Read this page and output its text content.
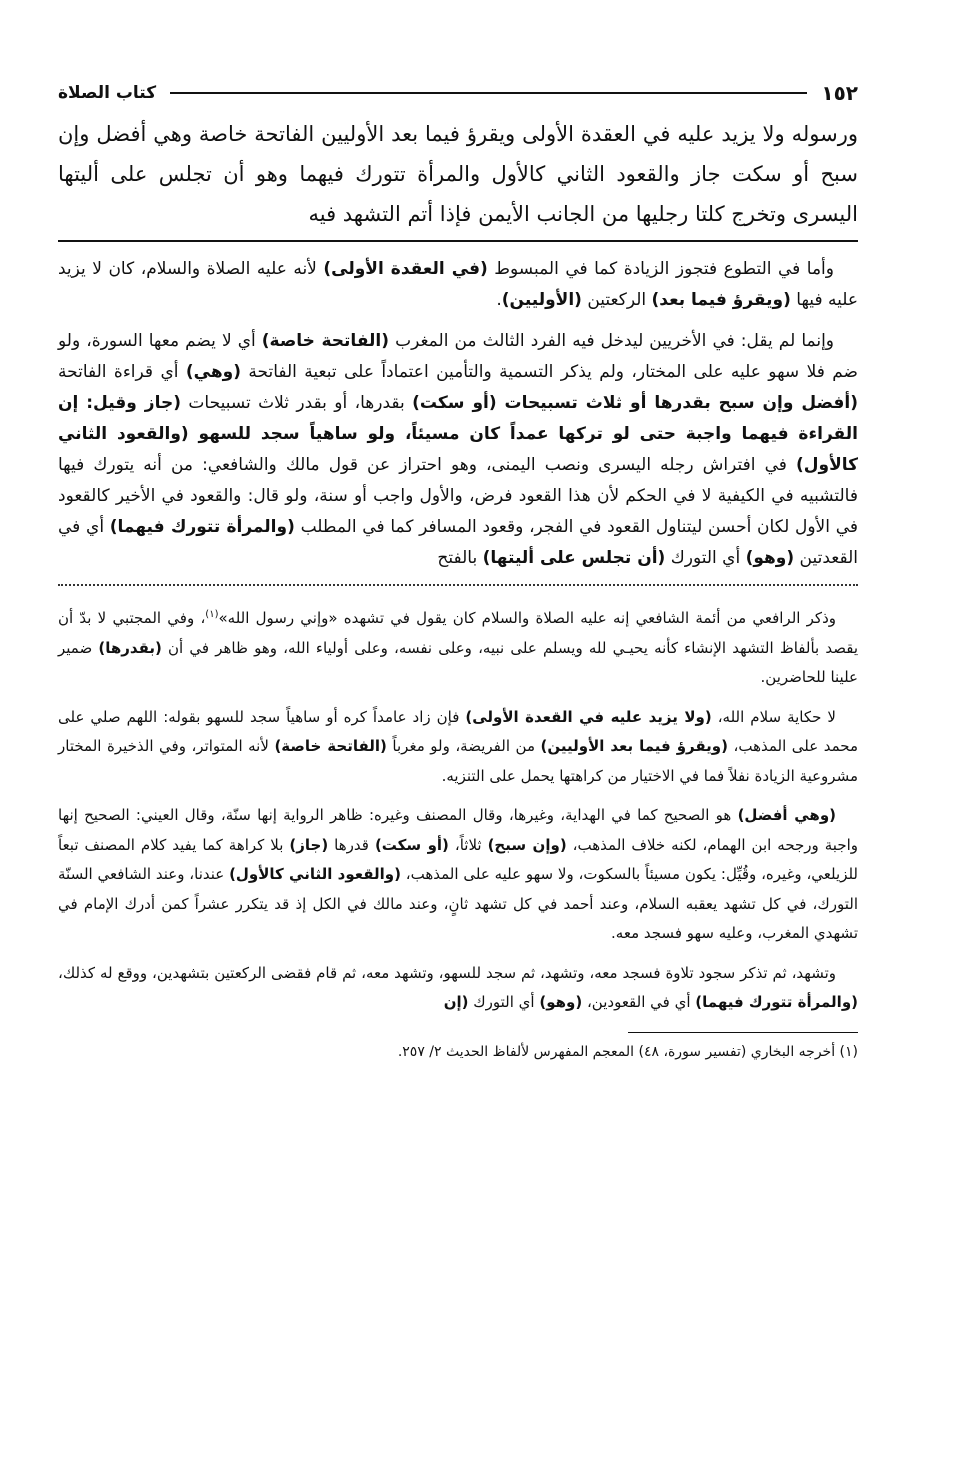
١٥٢
كتاب الصلاة
ورسوله ولا يزيد عليه في العقدة الأولى ويقرؤ فيما بعد الأوليين الفاتحة خاصة وهي أفضل وإن سبح أو سكت جاز والقعود الثاني كالأول والمرأة تتورك فيهما وهو أن تجلس على أليتها اليسرى وتخرج كلتا رجليها من الجانب الأيمن فإذا أتم التشهد فيه

وأما في التطوع فتجوز الزيادة كما في المبسوط (في العقدة الأولى) لأنه عليه الصلاة والسلام، كان لا يزيد عليه فيها (ويقرؤ فيما بعد) الركعتين (الأوليين).

وإنما لم يقل: في الأخريين ليدخل فيه الفرد الثالث من المغرب (الفاتحة خاصة) أي لا يضم معها السورة، ولو ضم فلا سهو عليه على المختار، ولم يذكر التسمية والتأمين اعتماداً على تبعية الفاتحة (وهي) أي قراءة الفاتحة (أفضل وإن سبح بقدرها أو ثلاث تسبيحات (أو سكت) بقدرها، أو بقدر ثلاث تسبيحات (جاز وقيل: إن القراءة فيهما واجبة حتى لو تركها عمداً كان مسيئاً، ولو ساهياً سجد للسهو (والقعود الثاني كالأول) في افتراش رجله اليسرى ونصب اليمنى، وهو احتراز عن قول مالك والشافعي: من أنه يتورك فيها فالتشبيه في الكيفية لا في الحكم لأن هذا القعود فرض، والأول واجب أو سنة، ولو قال: والقعود في الأخير كالقعود في الأول لكان أحسن ليتناول القعود في الفجر، وقعود المسافر كما في المطلب (والمرأة تتورك فيهما) أي في القعدتين (وهو) أي التورك (أن تجلس على أليتها) بالفتح

وذكر الرافعي من أئمة الشافعي إنه عليه الصلاة والسلام كان يقول في تشهده «وإني رسول الله»$^{(١)}$، وفي المجتبي لا بدّ أن يقصد بألفاظ التشهد الإنشاء كأنه يحيـي لله ويسلم على نبيه، وعلى نفسه، وعلى أولياء الله، وهو ظاهر في أن (بقدرها) ضمير علينا للحاضرين.

لا حكاية سلام الله، (ولا يزيد عليه في القعدة الأولى) فإن زاد عامداً كره أو ساهياً سجد للسهو بقوله: اللهم صلي على محمد على المذهب، (ويقرؤ فيما بعد الأوليين) من الفريضة، ولو مغرباً (الفاتحة خاصة) لأنه المتواتر، وفي الذخيرة المختار مشروعية الزيادة نفلاً فما في الاختيار من كراهتها يحمل على التنزيه.

(وهي أفضل) هو الصحيح كما في الهداية، وغيرها، وقال المصنف وغيره: ظاهر الرواية إنها سنّة، وقال العيني: الصحيح إنها واجبة ورجحه ابن الهمام، لكنه خلاف المذهب، (وإن سبح) ثلاثاً، (أو سكت) قدرها (جاز) بلا كراهة كما يفيد كلام المصنف تبعاً للزيلعي، وغيره، وقُيِّل: يكون مسيئاً بالسكوت، ولا سهو عليه على المذهب، (والقعود الثاني كالأول) عندنا، وعند الشافعي السنّة التورك، في كل تشهد يعقبه السلام، وعند أحمد في كل تشهد ثانٍ، وعند مالك في الكل إذ قد يتكرر عشراً كمن أدرك الإمام في تشهدي المغرب، وعليه سهو فسجد معه.

وتشهد، ثم تذكر سجود تلاوة فسجد معه، وتشهد، ثم سجد للسهو، وتشهد معه، ثم قام فقضى الركعتين بتشهدين، ووقع له كذلك، (والمرأة تتورك فيهما) أي في القعودين، (وهو) أي التورك (إن

(١) أخرجه البخاري (تفسير سورة، ٤٨) المعجم المفهرس لألفاظ الحديث ٢/ ٢٥٧.
